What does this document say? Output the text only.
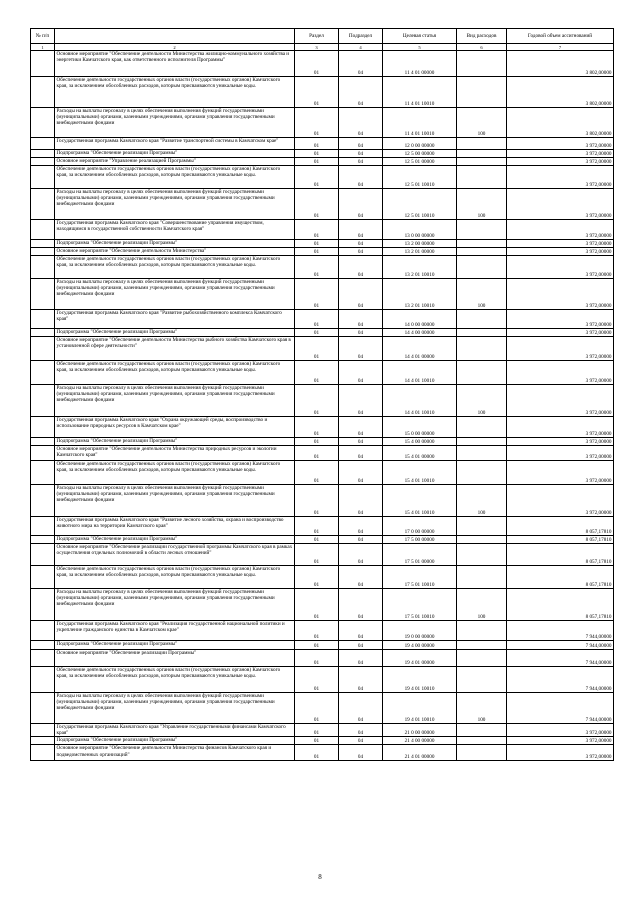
№ п/п		Раздел	Подраздел	Целевая статья	Вид расходов	Годовой объем ассигнований
1	2	3	4	5	6	7
	Основное мероприятие "Обеспечение деятельности Министерства жилищно-коммунального хозяйства и энергетики Камчатского края, как ответственного исполнителя Программы"	01	04	11 4 01 00000		3 802,00000
	Обеспечение деятельности государственных органов власти (государственных органов) Камчатского края, за исключением обособленных расходов, которым присваиваются уникальные коды.	01	04	11 4 01 10010		3 802,00000
	Расходы на выплаты персоналу в целях обеспечения выполнения функций государственными (муниципальными) органами, казенными учреждениями, органами управления государственными внебюджетными фондами	01	04	11 4 01 10010	100	3 802,00000
	Государственная программа Камчатского края "Развитие транспортной системы в Камчатском крае"	01	04	12 0 00 00000		3 972,00000
	Подпрограмма "Обеспечение реализации Программы"	01	04	12 5 00 00000		3 972,00000
	Основное мероприятие "Управление реализацией Программы"	01	04	12 5 01 00000		3 972,00000
	Обеспечение деятельности государственных органов власти (государственных органов) Камчатского края, за исключением обособленных расходов, которым присваиваются уникальные коды.	01	04	12 5 01 10010		3 972,00000
	Расходы на выплаты персоналу в целях обеспечения выполнения функций государственными (муниципальными) органами, казенными учреждениями, органами управления государственными внебюджетными фондами	01	04	12 5 01 10010	100	3 972,00000
	Государственная программа Камчатского края "Совершенствование управления имуществом, находящимся в государственной собственности Камчатского края"	01	04	13 0 00 00000		3 972,00000
	Подпрограмма "Обеспечение реализации Программы"	01	04	13 2 00 00000		3 972,00000
	Основное мероприятие "Обеспечение деятельности Министерства"	01	04	13 2 01 00000		3 972,00000
	Обеспечение деятельности государственных органов власти (государственных органов) Камчатского края, за исключением обособленных расходов, которым присваиваются уникальные коды.	01	04	13 2 01 10010		3 972,00000
	Расходы на выплаты персоналу в целях обеспечения выполнения функций государственными (муниципальными) органами, казенными учреждениями, органами управления государственными внебюджетными фондами	01	04	13 2 01 10010	100	3 972,00000
	Государственная программа Камчатского края "Развитие рыбохозяйственного комплекса Камчатского края"	01	04	14 0 00 00000		3 972,00000
	Подпрограмма "Обеспечение реализации Программы"	01	04	14 4 00 00000		3 972,00000
	Основное мероприятие "Обеспечение деятельности Министерства рыбного хозяйства Камчатского края в установленной сфере деятельности"	01	04	14 4 01 00000		3 972,00000
	Обеспечение деятельности государственных органов власти (государственных органов) Камчатского края, за исключением обособленных расходов, которым присваиваются уникальные коды.	01	04	14 4 01 10010		3 972,00000
	Расходы на выплаты персоналу в целях обеспечения выполнения функций государственными (муниципальными) органами, казенными учреждениями, органами управления государственными внебюджетными фондами	01	04	14 4 01 10010	100	3 972,00000
	Государственная программа Камчатского края "Охрана окружающей среды, воспроизводство и использование природных ресурсов в Камчатском крае"	01	04	15 0 00 00000		3 972,00000
	Подпрограмма "Обеспечение реализации Программы"	01	04	15 4 00 00000		3 972,00000
	Основное мероприятие "Обеспечение деятельности Министерства природных ресурсов и экологии Камчатского края"	01	04	15 4 01 00000		3 972,00000
	Обеспечение деятельности государственных органов власти (государственных органов) Камчатского края, за исключением обособленных расходов, которым присваиваются уникальные коды.	01	04	15 4 01 10010		3 972,00000
	Расходы на выплаты персоналу в целях обеспечения выполнения функций государственными (муниципальными) органами, казенными учреждениями, органами управления государственными внебюджетными фондами	01	04	15 4 01 10010	100	3 972,00000
	Государственная программа Камчатского края "Развитие лесного хозяйства, охрана и воспроизводство животного мира на территории Камчатского края"	01	04	17 0 00 00000		8 057,17810
	Подпрограмма "Обеспечение реализации Программы"	01	04	17 5 00 00000		8 057,17810
	Основное мероприятие "Обеспечение реализации государственной программы Камчатского края в рамках осуществления отдельных полномочий в области лесных отношений"	01	04	17 5 01 00000		8 057,17810
	Обеспечение деятельности государственных органов власти (государственных органов) Камчатского края, за исключением обособленных расходов, которым присваиваются уникальные коды.	01	04	17 5 01 10010		8 057,17810
	Расходы на выплаты персоналу в целях обеспечения выполнения функций государственными (муниципальными) органами, казенными учреждениями, органами управления государственными внебюджетными фондами	01	04	17 5 01 10010	100	8 057,17810
	Государственная программа Камчатского края "Реализация государственной национальной политики и укрепление гражданского единства в Камчатском крае"	01	04	19 0 00 00000		7 944,00000
	Подпрограмма "Обеспечение реализации Программы"	01	04	19 4 00 00000		7 944,00000
	Основное мероприятие "Обеспечение реализации Программы"	01	04	19 4 01 00000		7 944,00000
	Обеспечение деятельности государственных органов власти (государственных органов) Камчатского края, за исключением обособленных расходов, которым присваиваются уникальные коды.	01	04	19 4 01 10010		7 944,00000
	Расходы на выплаты персоналу в целях обеспечения выполнения функций государственными (муниципальными) органами, казенными учреждениями, органами управления государственными внебюджетными фондами	01	04	19 4 01 10010	100	7 944,00000
	Государственная программа Камчатского края "Управление государственными финансами Камчатского края"	01	04	21 0 00 00000		3 972,00000
	Подпрограмма "Обеспечение реализации Программы"	01	04	21 4 00 00000		3 972,00000
	Основное мероприятие "Обеспечение деятельности Министерства финансов Камчатского края и подведомственных организаций"	01	04	21 4 01 00000		3 972,00000
8
